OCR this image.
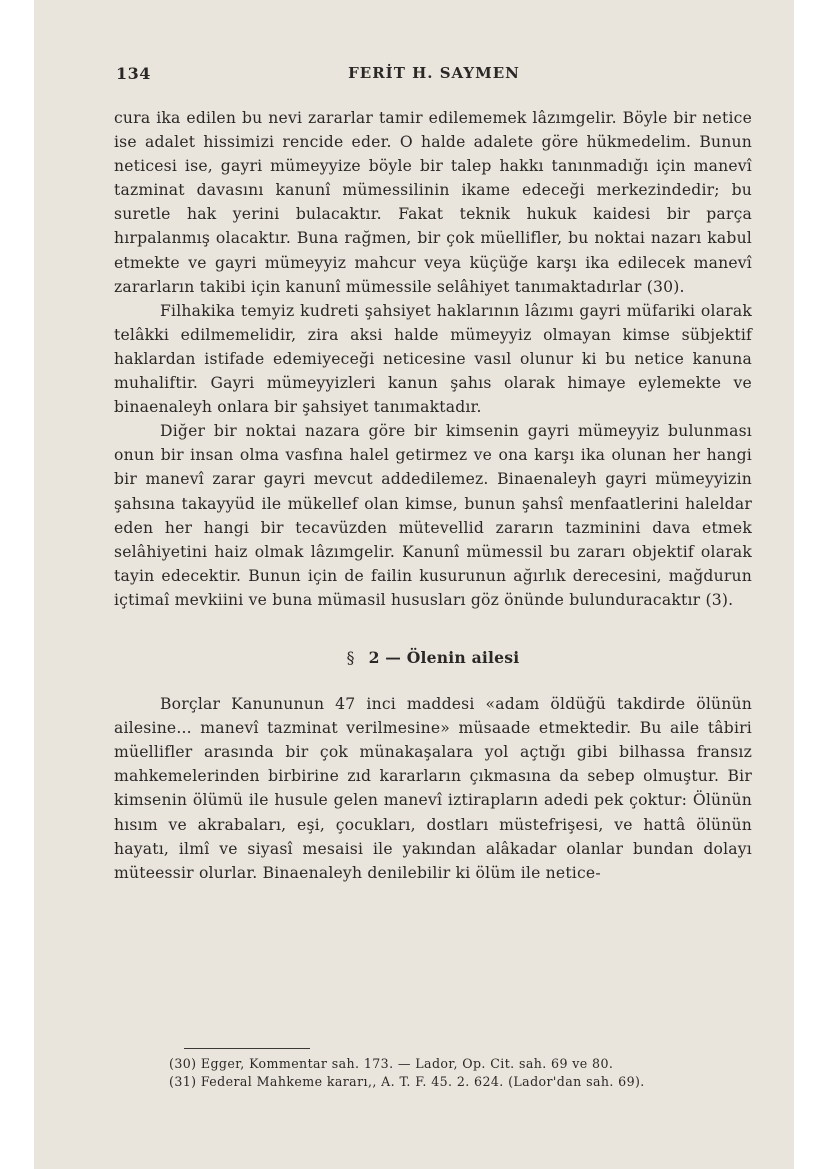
134	FERİT H. SAYMEN

cura ika edilen bu nevi zararlar tamir edilememek lâzımgelir. Böyle bir netice ise adalet hissimizi rencide eder. O halde adalete göre hükmedelim. Bunun neticesi ise, gayri mümeyyize böyle bir talep hakkı tanınmadığı için manevî tazminat davasını kanunî mümessilinin ikame edeceği merkezindedir; bu suretle hak yerini bulacaktır. Fakat teknik hukuk kaidesi bir parça hırpalanmış olacaktır. Buna rağmen, bir çok müellifler, bu noktai nazarı kabul etmekte ve gayri mümeyyiz mahcur veya küçüğe karşı ika edilecek manevî zararların takibi için kanunî mümessile selâhiyet tanımaktadırlar (30).

Filhakika temyiz kudreti şahsiyet haklarının lâzımı gayri müfariki olarak telâkki edilmemelidir, zira aksi halde mümeyyiz olmayan kimse sübjektif haklardan istifade edemiyeceği neticesine vasıl olunur ki bu netice kanuna muhaliftir. Gayri mümeyyizleri kanun şahıs olarak himaye eylemekte ve binaenaleyh onlara bir şahsiyet tanımaktadır.

Diğer bir noktai nazara göre bir kimsenin gayri mümeyyiz bulunması onun bir insan olma vasfına halel getirmez ve ona karşı ika olunan her hangi bir manevî zarar gayri mevcut addedilemez. Binaenaleyh gayri mümeyyizin şahsına takayyüd ile mükellef olan kimse, bunun şahsî menfaatlerini haleldar eden her hangi bir tecavüzden mütevellid zararın tazminini dava etmek selâhiyetini haiz olmak lâzımgelir. Kanunî mümessil bu zararı objektif olarak tayin edecektir. Bunun için de failin kusurunun ağırlık derecesini, mağdurun içtimaî mevkiini ve buna mümasil hususları göz önünde bulunduracaktır (3).

§ 2 — Ölenin ailesi

Borçlar Kanununun 47 inci maddesi «adam öldüğü takdirde ölünün ailesine... manevî tazminat verilmesine» müsaade etmektedir. Bu aile tâbiri müellifler arasında bir çok münakaşalara yol açtığı gibi bilhassa fransız mahkemelerinden birbirine zıd kararların çıkmasına da sebep olmuştur. Bir kimsenin ölümü ile husule gelen manevî iztirapların adedi pek çoktur: Ölünün hısım ve akrabaları, eşi, çocukları, dostları müstefrişesi, ve hattâ ölünün hayatı, ilmî ve siyasî mesaisi ile yakından alâkadar olanlar bundan dolayı müteessir olurlar. Binaenaleyh denilebilir ki ölüm ile netice-

(30) Egger, Kommentar sah. 173. — Lador, Op. Cit. sah. 69 ve 80.

(31) Federal Mahkeme kararı,, A. T. F. 45. 2. 624. (Lador'dan sah. 69).
